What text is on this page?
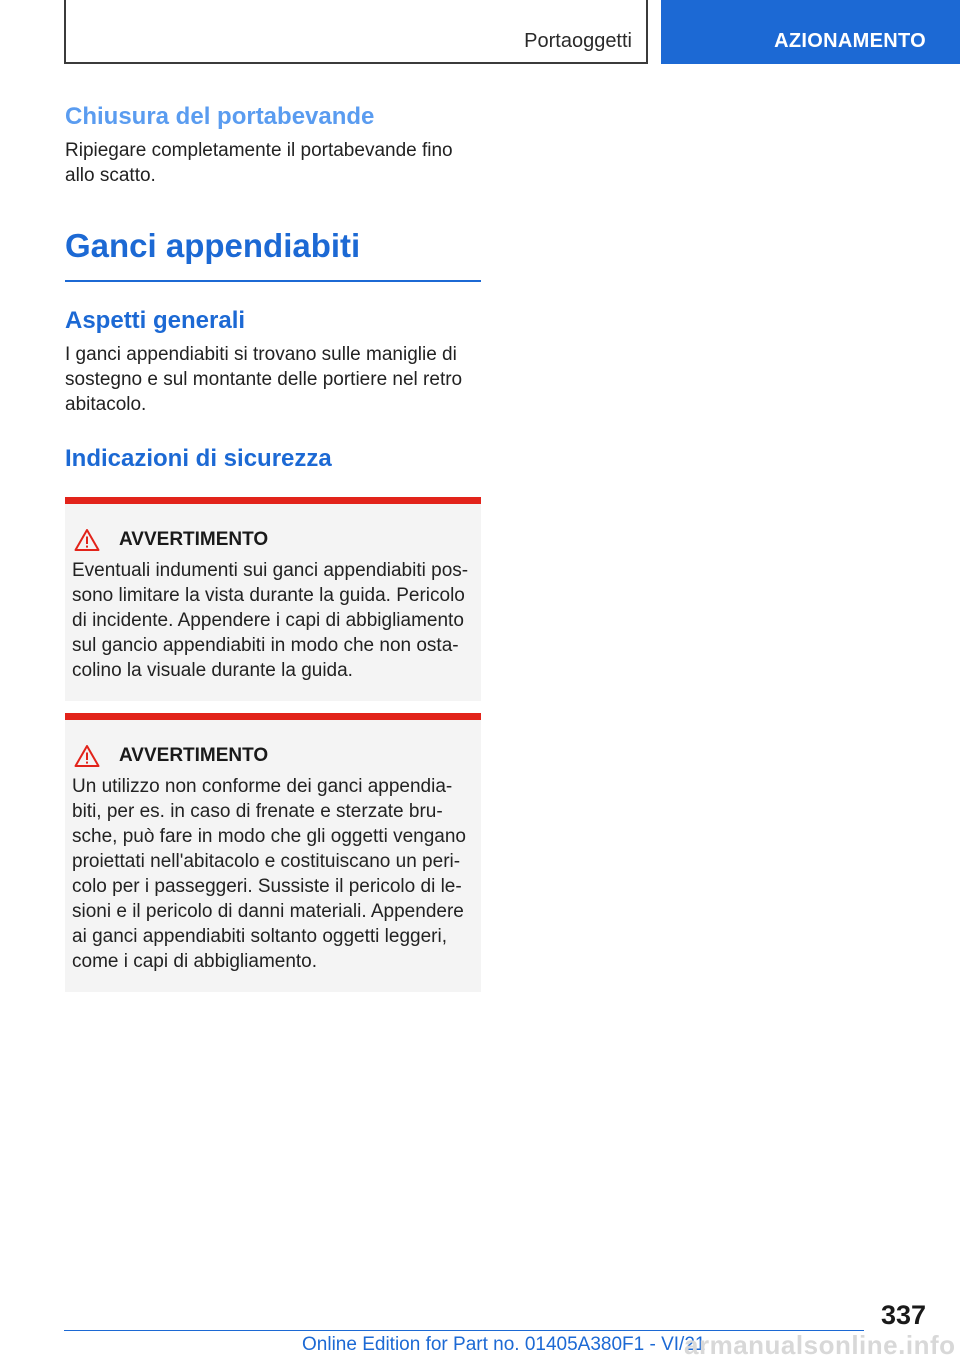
Portaoggetti	AZIONAMENTO
Chiusura del portabevande

Ripiegare completamente il portabevande fino allo scatto.

Ganci appendiabiti
Aspetti generali

I ganci appendiabiti si trovano sulle maniglie di sostegno e sul montante delle portiere nel retro abitacolo.

Indicazioni di sicurezza
AVVERTIMENTO

Eventuali indumenti sui ganci appendiabiti possono limitare la vista durante la guida. Pericolo di incidente. Appendere i capi di abbigliamento sul gancio appendiabiti in modo che non ostacolino la visuale durante la guida.

AVVERTIMENTO

Un utilizzo non conforme dei ganci appendiabiti, per es. in caso di frenate e sterzate brusche, può fare in modo che gli oggetti vengano proiettati nell'abitacolo e costituiscano un pericolo per i passeggeri. Sussiste il pericolo di lesioni e il pericolo di danni materiali. Appendere ai ganci appendiabiti soltanto oggetti leggeri, come i capi di abbigliamento.

337
Online Edition for Part no. 01405A380F1 - VI/21
armanualsonline.info
